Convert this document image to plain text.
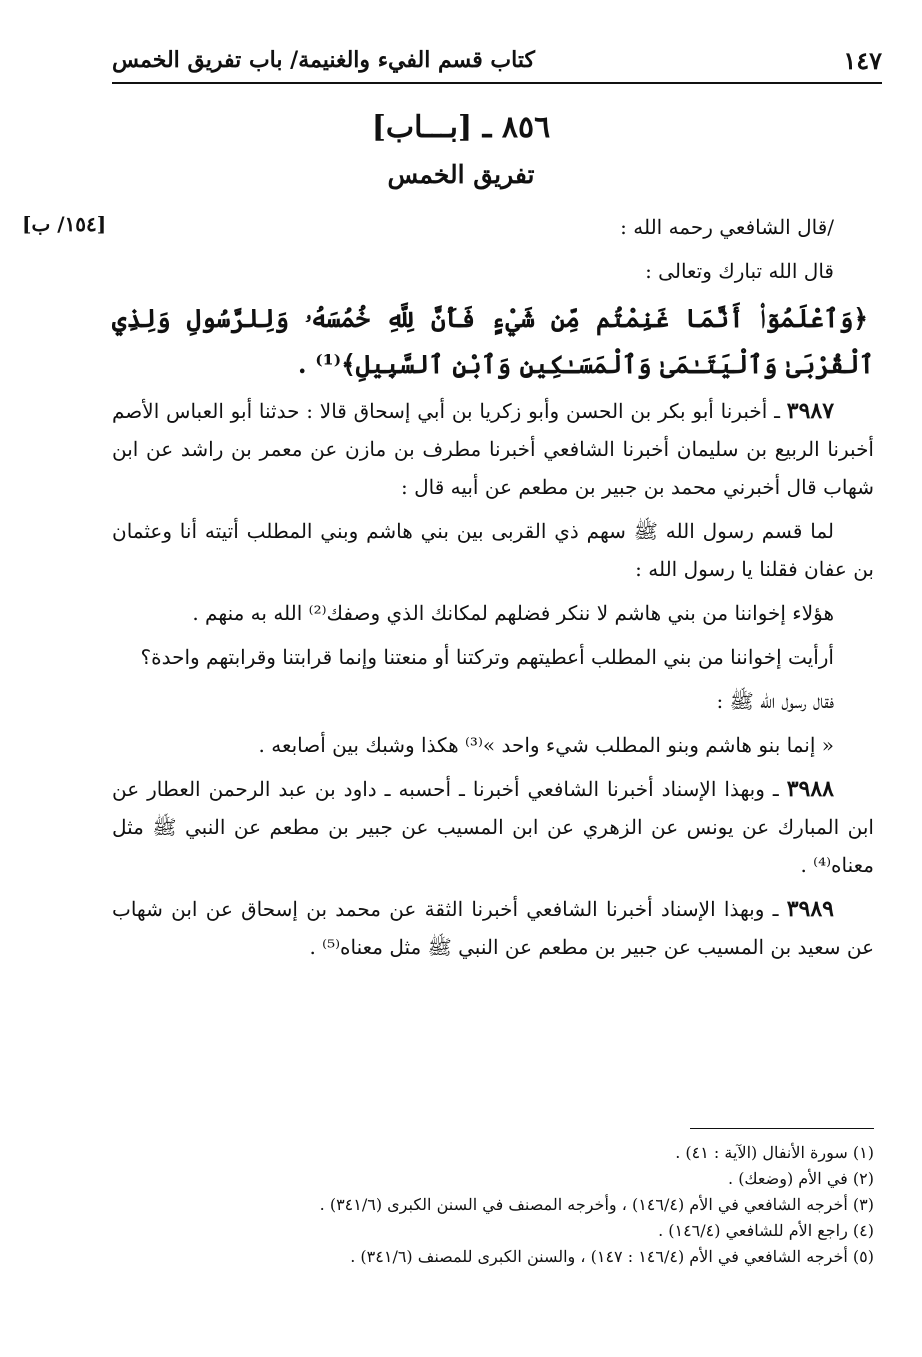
كتاب قسم الفيء والغنيمة/ باب تفريق الخمس	١٤٧
٨٥٦ ـ [بـــاب]
تفريق الخمس
[١٥٤/ ب]	/قال الشافعي رحمه الله :

قال الله تبارك وتعالى :

﴿وَٱعْلَمُوٓا۟ أَنَّمَا غَنِمْتُم مِّن شَيْءٍ فَأَنَّ لِلَّهِ خُمُسَهُۥ وَلِلرَّسُولِ وَلِذِي ٱلْقُرْبَىٰ وَٱلْيَتَـٰمَىٰ وَٱلْمَسَـٰكِينِ وَٱبْنِ ٱلسَّبِيلِ﴾⁽¹⁾ .

٣٩٨٧ ـ أخبرنا أبو بكر بن الحسن وأبو زكريا بن أبي إسحاق قالا : حدثنا أبو العباس الأصم أخبرنا الربيع بن سليمان أخبرنا الشافعي أخبرنا مطرف بن مازن عن معمر بن راشد عن ابن شهاب قال أخبرني محمد بن جبير بن مطعم عن أبيه قال :

لما قسم رسول الله ﷺ سهم ذي القربى بين بني هاشم وبني المطلب أتيته أنا وعثمان بن عفان فقلنا يا رسول الله :

هؤلاء إخواننا من بني هاشم لا ننكر فضلهم لمكانك الذي وصفك⁽²⁾ الله به منهم .

أرأيت إخواننا من بني المطلب أعطيتهم وتركتنا أو منعتنا وإنما قرابتنا وقرابتهم واحدة؟

فقال رسول الله ﷺ :

« إنما بنو هاشم وبنو المطلب شيء واحد »⁽³⁾ هكذا وشبك بين أصابعه .

٣٩٨٨ ـ وبهذا الإسناد أخبرنا الشافعي أخبرنا ـ أحسبه ـ داود بن عبد الرحمن العطار عن ابن المبارك عن يونس عن الزهري عن ابن المسيب عن جبير بن مطعم عن النبي ﷺ مثل معناه⁽⁴⁾ .

٣٩٨٩ ـ وبهذا الإسناد أخبرنا الشافعي أخبرنا الثقة عن محمد بن إسحاق عن ابن شهاب عن سعيد بن المسيب عن جبير بن مطعم عن النبي ﷺ مثل معناه⁽⁵⁾ .

(١) سورة الأنفال (الآية : ٤١) .
(٢) في الأم (وضعك) .
(٣) أخرجه الشافعي في الأم (١٤٦/٤) ، وأخرجه المصنف في السنن الكبرى (٣٤١/٦) .
(٤) راجع الأم للشافعي (١٤٦/٤) .
(٥) أخرجه الشافعي في الأم (١٤٦/٤ : ١٤٧) ، والسنن الكبرى للمصنف (٣٤١/٦) .
